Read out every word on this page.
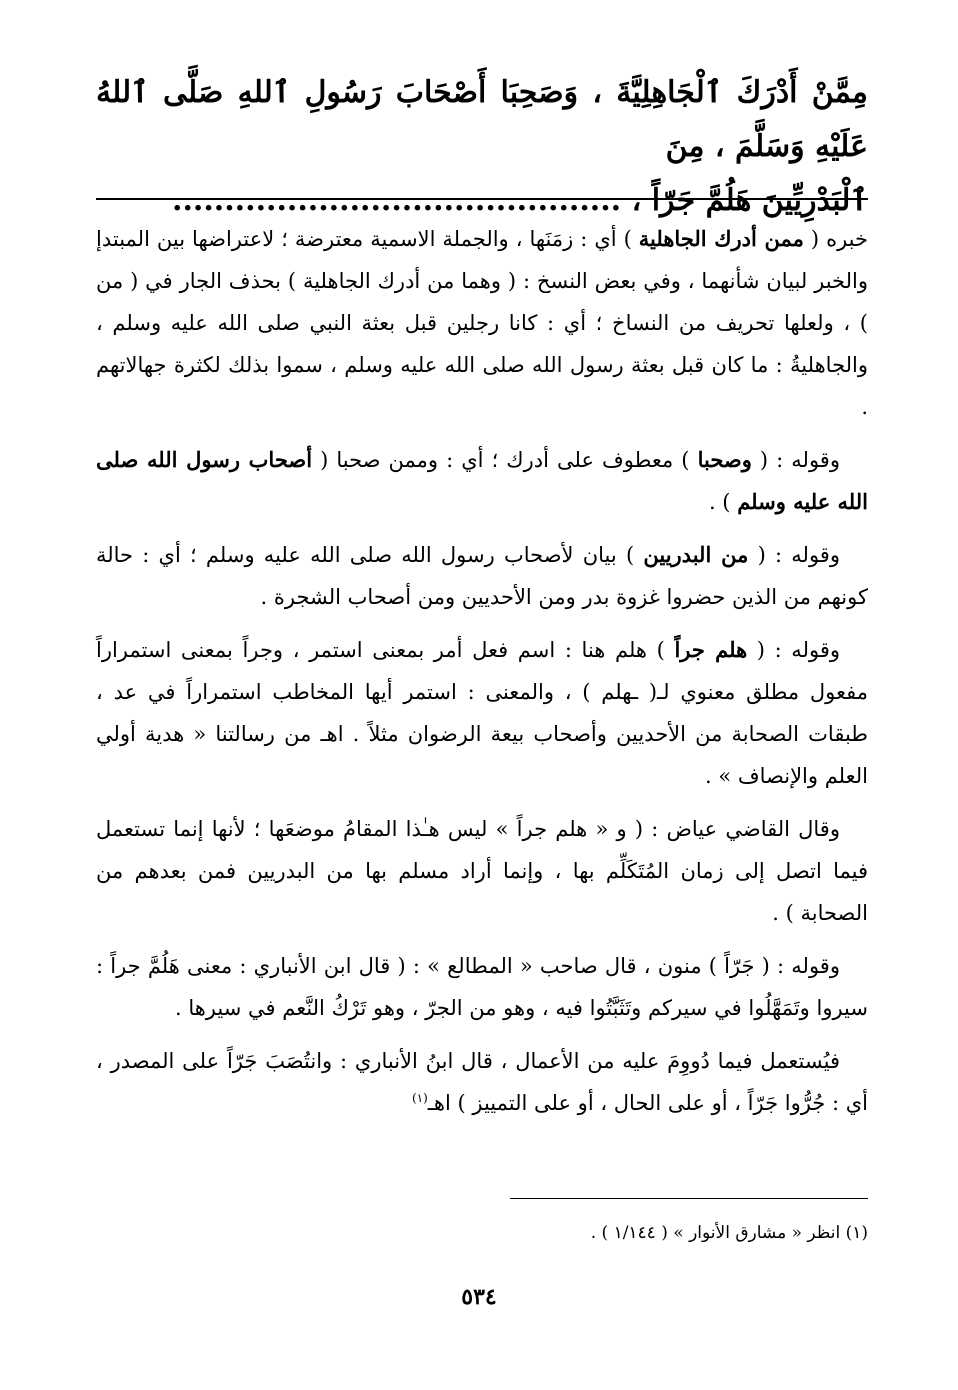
مِمَّنْ أَدْرَكَ ٱلْجَاهِلِيَّةَ ، وَصَحِبَا أَصْحَابَ رَسُولِ ٱللهِ صَلَّى ٱللهُ عَلَيْهِ وَسَلَّمَ ، مِنَ
ٱلْبَدْرِيِّينَ هَلُمَّ جَرّاً ، ...........................................

خبره ( ممن أدرك الجاهلية ) أي : زمَنَها ، والجملة الاسمية معترضة ؛ لاعتراضها بين المبتدإ والخبر لبيان شأنهما ، وفي بعض النسخ : ( وهما من أدرك الجاهلية ) بحذف الجار في ( من ) ، ولعلها تحريف من النساخ ؛ أي : كانا رجلين قبل بعثة النبي صلى الله عليه وسلم ، والجاهليةُ : ما كان قبل بعثة رسول الله صلى الله عليه وسلم ، سموا بذلك لكثرة جهالاتهم .

وقوله : ( وصحبا ) معطوف على أدرك ؛ أي : وممن صحبا ( أصحاب رسول الله صلى الله عليه وسلم ) .

وقوله : ( من البدريين ) بيان لأصحاب رسول الله صلى الله عليه وسلم ؛ أي : حالة كونهم من الذين حضروا غزوة بدر ومن الأحديين ومن أصحاب الشجرة .

وقوله : ( هلم جراً ) هلم هنا : اسم فعل أمر بمعنى استمر ، وجراً بمعنى استمراراً مفعول مطلق معنوي لـ( ـهلم ) ، والمعنى : استمر أيها المخاطب استمراراً في عد ، طبقات الصحابة من الأحديين وأصحاب بيعة الرضوان مثلاً . اهـ من رسالتنا « هدية أولي العلم والإنصاف » .

وقال القاضي عياض : ( و « هلم جراً » ليس هـٰذا المقامُ موضعَها ؛ لأنها إنما تستعمل فيما اتصل إلى زمان المُتَكَلِّم بها ، وإنما أراد مسلم بها من البدريين فمن بعدهم من الصحابة ) .

وقوله : ( جَرّاً ) منون ، قال صاحب « المطالع » : ( قال ابن الأنباري : معنى هَلُمَّ جراً : سيروا وتَمَهَّلُوا في سيركم وتَثَبَّتُوا فيه ، وهو من الجرّ ، وهو تَرْكُ النَّعم في سيرها .

فيُستعمل فيما دُووِمَ عليه من الأعمال ، قال ابنُ الأنباري : وانتُصَبَ جَرّاً على المصدر ، أي : جُرُّوا جَرّاً ، أو على الحال ، أو على التمييز ) اهـ$^{(١)}$

(١) انظر « مشارق الأنوار » ( ١/١٤٤ ) .
٥٣٤
